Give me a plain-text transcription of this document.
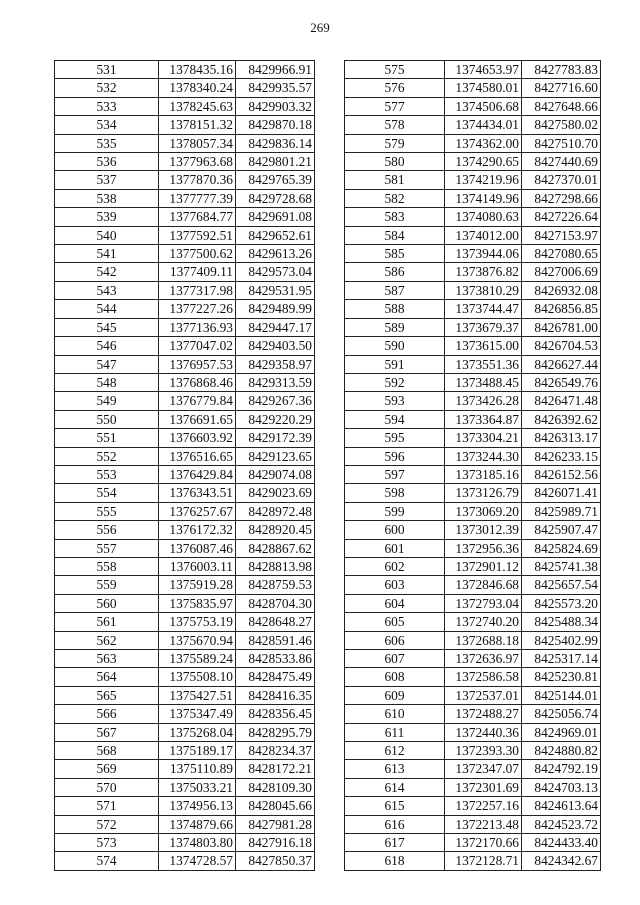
269
531	1378435.16	8429966.91
532	1378340.24	8429935.57
533	1378245.63	8429903.32
534	1378151.32	8429870.18
535	1378057.34	8429836.14
536	1377963.68	8429801.21
537	1377870.36	8429765.39
538	1377777.39	8429728.68
539	1377684.77	8429691.08
540	1377592.51	8429652.61
541	1377500.62	8429613.26
542	1377409.11	8429573.04
543	1377317.98	8429531.95
544	1377227.26	8429489.99
545	1377136.93	8429447.17
546	1377047.02	8429403.50
547	1376957.53	8429358.97
548	1376868.46	8429313.59
549	1376779.84	8429267.36
550	1376691.65	8429220.29
551	1376603.92	8429172.39
552	1376516.65	8429123.65
553	1376429.84	8429074.08
554	1376343.51	8429023.69
555	1376257.67	8428972.48
556	1376172.32	8428920.45
557	1376087.46	8428867.62
558	1376003.11	8428813.98
559	1375919.28	8428759.53
560	1375835.97	8428704.30
561	1375753.19	8428648.27
562	1375670.94	8428591.46
563	1375589.24	8428533.86
564	1375508.10	8428475.49
565	1375427.51	8428416.35
566	1375347.49	8428356.45
567	1375268.04	8428295.79
568	1375189.17	8428234.37
569	1375110.89	8428172.21
570	1375033.21	8428109.30
571	1374956.13	8428045.66
572	1374879.66	8427981.28
573	1374803.80	8427916.18
574	1374728.57	8427850.37
575	1374653.97	8427783.83
576	1374580.01	8427716.60
577	1374506.68	8427648.66
578	1374434.01	8427580.02
579	1374362.00	8427510.70
580	1374290.65	8427440.69
581	1374219.96	8427370.01
582	1374149.96	8427298.66
583	1374080.63	8427226.64
584	1374012.00	8427153.97
585	1373944.06	8427080.65
586	1373876.82	8427006.69
587	1373810.29	8426932.08
588	1373744.47	8426856.85
589	1373679.37	8426781.00
590	1373615.00	8426704.53
591	1373551.36	8426627.44
592	1373488.45	8426549.76
593	1373426.28	8426471.48
594	1373364.87	8426392.62
595	1373304.21	8426313.17
596	1373244.30	8426233.15
597	1373185.16	8426152.56
598	1373126.79	8426071.41
599	1373069.20	8425989.71
600	1373012.39	8425907.47
601	1372956.36	8425824.69
602	1372901.12	8425741.38
603	1372846.68	8425657.54
604	1372793.04	8425573.20
605	1372740.20	8425488.34
606	1372688.18	8425402.99
607	1372636.97	8425317.14
608	1372586.58	8425230.81
609	1372537.01	8425144.01
610	1372488.27	8425056.74
611	1372440.36	8424969.01
612	1372393.30	8424880.82
613	1372347.07	8424792.19
614	1372301.69	8424703.13
615	1372257.16	8424613.64
616	1372213.48	8424523.72
617	1372170.66	8424433.40
618	1372128.71	8424342.67
